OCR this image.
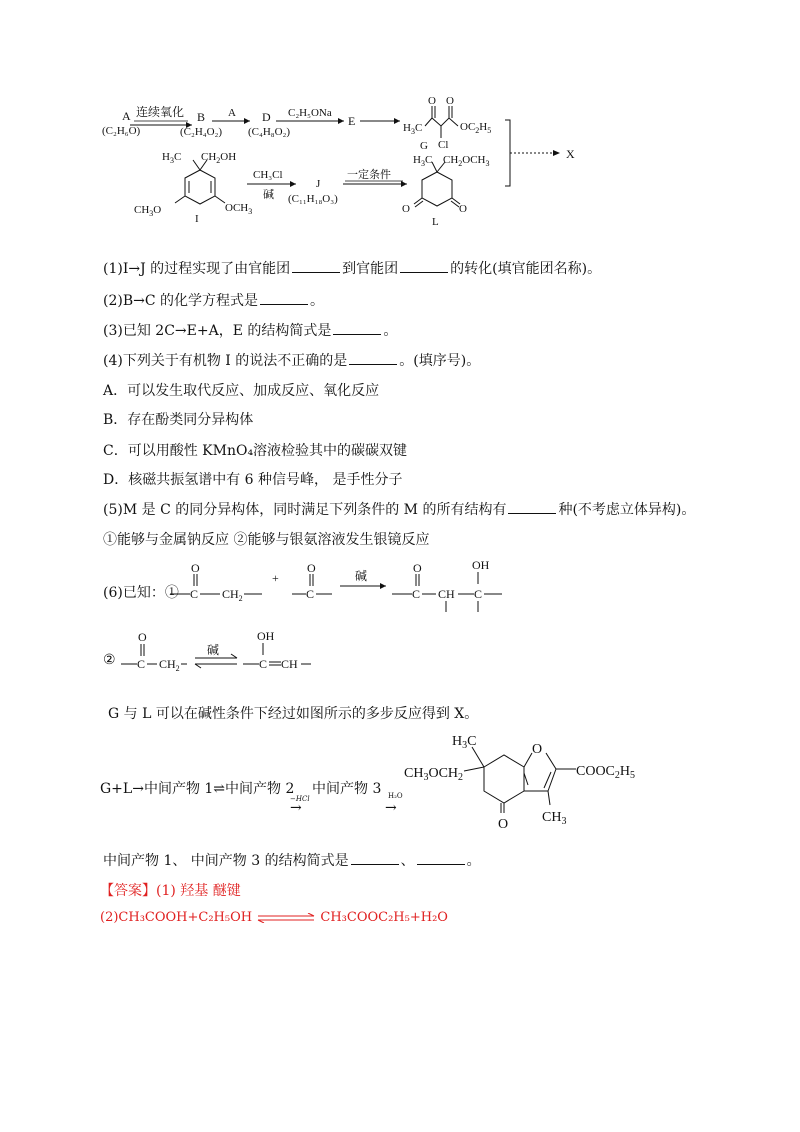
A
(C₂H₆O)
连续氧化 B
(C₂H₄O₂)
A D
(C₄H₈O₂)
C₂H₅ONa
E	$H_3C$
O O
$OC_2H_5$
Cl
G
X
$H_3C$ $CH_2OH$
$CH_3O$	$OCH_3$
I
CH₃Cl
碱
J
(C₁₁H₁₈O₃)
一定条件
$H_3C$ $CH_2OCH_3$
O	O
L
(1)I→J 的过程实现了由官能团	到官能团	的转化(填官能团名称)。
(2)B→C 的化学方程式是	。
(3)已知 2C→E+A，E 的结构简式是	。
(4)下列关于有机物 I 的说法不正确的是	。(填序号)。
A．可以发生取代反应、加成反应、氧化反应
B．存在酚类同分异构体
C．可以用酸性 KMnO₄溶液检验其中的碳碳双键
D．核磁共振氢谱中有 6 种信号峰， 是手性分子
(5)M 是 C 的同分异构体，同时满足下列条件的 M 的所有结构有	种(不考虑立体异构)。
①能够与金属钠反应 ②能够与银氨溶液发生银镜反应
(6)已知：① C
O
$CH_2$
+
C
O
碱
C
O
CH C
OH
② C
O
$CH_2$
碱
C
OH
CH
G 与 L 可以在碱性条件下经过如图所示的多步反应得到 X。
G+L→中间产物 1⇌中间产物 2 中间产物 3
−HCl
→
H₂O
→
$H_3C$
$CH_3OCH_2$
O
O
$COOC_2H_5$
$CH_3$
中间产物 1、 中间产物 3 的结构简式是	、	。
【答案】(1) 羟基 醚键
(2)CH₃COOH+C₂H₅OH	CH₃COOC₂H₅+H₂O
